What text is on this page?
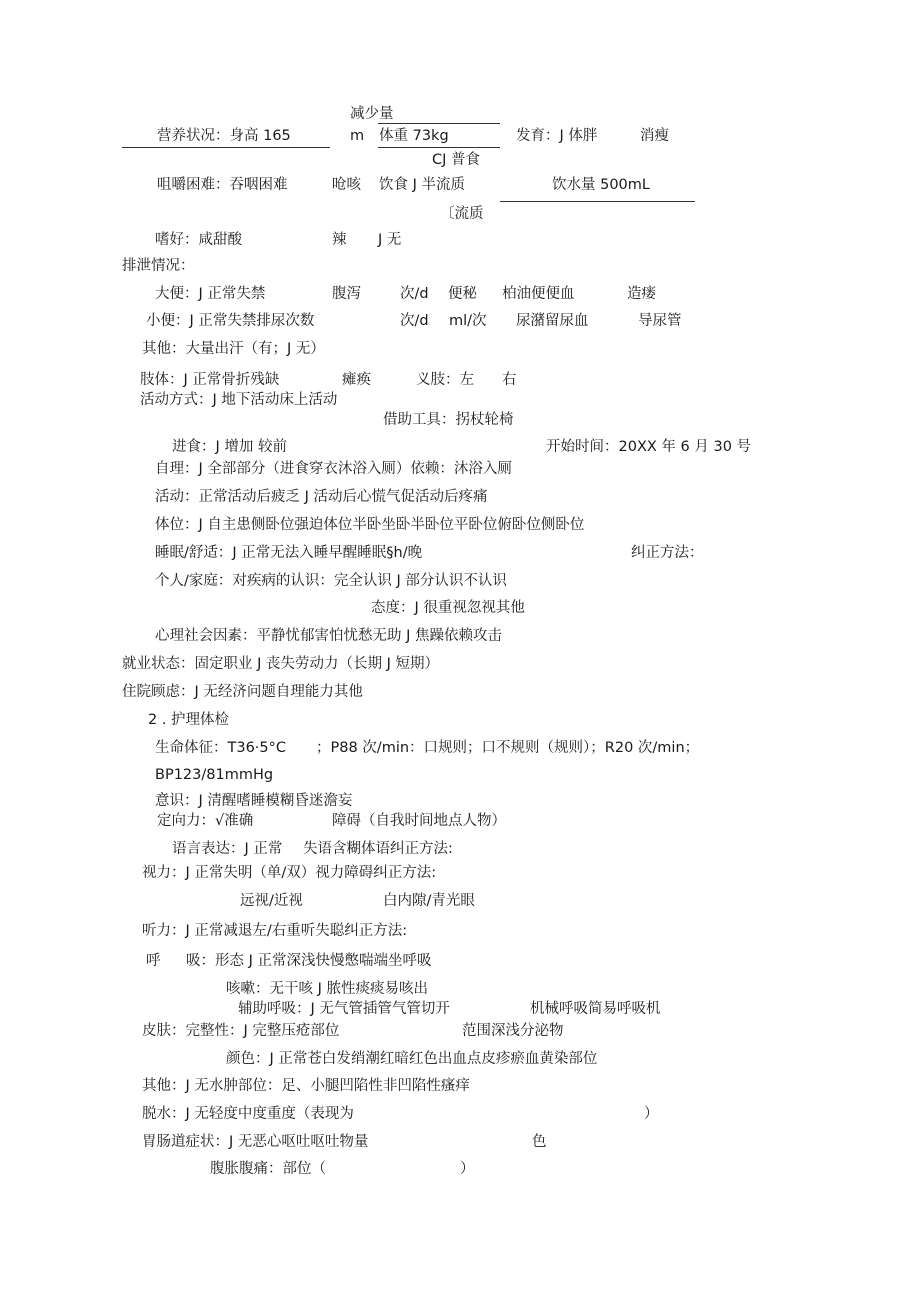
减少量
营养状况：身高 165	m 体重 73kg	发育：J 体胖	消瘦
CJ 普食
咀嚼困难：吞咽困难	呛咳 饮食 J 半流质	饮水量 500mL
〔流质
嗜好：咸甜酸	辣 J 无
排泄情况：
大便：J 正常失禁	腹泻	次/d 便秘 柏油便便血	造瘘
小便：J 正常失禁排尿次数	次/d ml/次 尿潴留尿血	导尿管
其他：大量出汗（有；J 无）
肢体：J 正常骨折残缺	瘫痪	义肢：左 右
活动方式：J 地下活动床上活动
借助工具：拐杖轮椅
进食：J 增加 较前	开始时间：20XX 年 6 月 30 号
自理：J 全部部分（进食穿衣沐浴入厕）依赖：沐浴入厕
活动：正常活动后疲乏 J 活动后心慌气促活动后疼痛
体位：J 自主患侧卧位强迫体位半卧坐卧半卧位平卧位俯卧位侧卧位
睡眠/舒适：J 正常无法入睡早醒睡眠§h/晚	纠正方法：
个人/家庭：对疾病的认识：完全认识 J 部分认识不认识
态度：J 很重视忽视其他
心理社会因素：平静忧郁害怕忧愁无助 J 焦躁依赖攻击
就业状态：固定职业 J 丧失劳动力（长期 J 短期）
住院顾虑：J 无经济问题自理能力其他
2 . 护理体检
生命体征：T36·5°C ；P88 次/min：口规则；口不规则（规则）；R20 次/min；
BP123/81mmHg
意识：J 清醒嗜睡模糊昏迷澹妄
定向力：√准确	障碍（自我时间地点人物）
语言表达：J 正常 失语含糊体语纠正方法:
视力：J 正常失明（单/双）视力障碍纠正方法:
远视/近视	白内隙/青光眼
听力：J 正常减退左/右重听失聪纠正方法:
呼 吸：形态 J 正常深浅快慢憋喘端坐呼吸
咳嗽：无干咳 J 脓性痰痰易咳出
辅助呼吸：J 无气管插管气管切开	机械呼吸简易呼吸机
皮肤：完整性：J 完整压疮部位	范围深浅分泌物
颜色：J 正常苍白发绡潮红暗红色出血点皮疹瘀血黄染部位
其他：J 无水肿部位：足、小腿凹陷性非凹陷性瘙痒
脱水：J 无轻度中度重度（表现为	）
胃肠道症状：J 无恶心呕吐呕吐物量	色
腹胀腹痛：部位（	）
